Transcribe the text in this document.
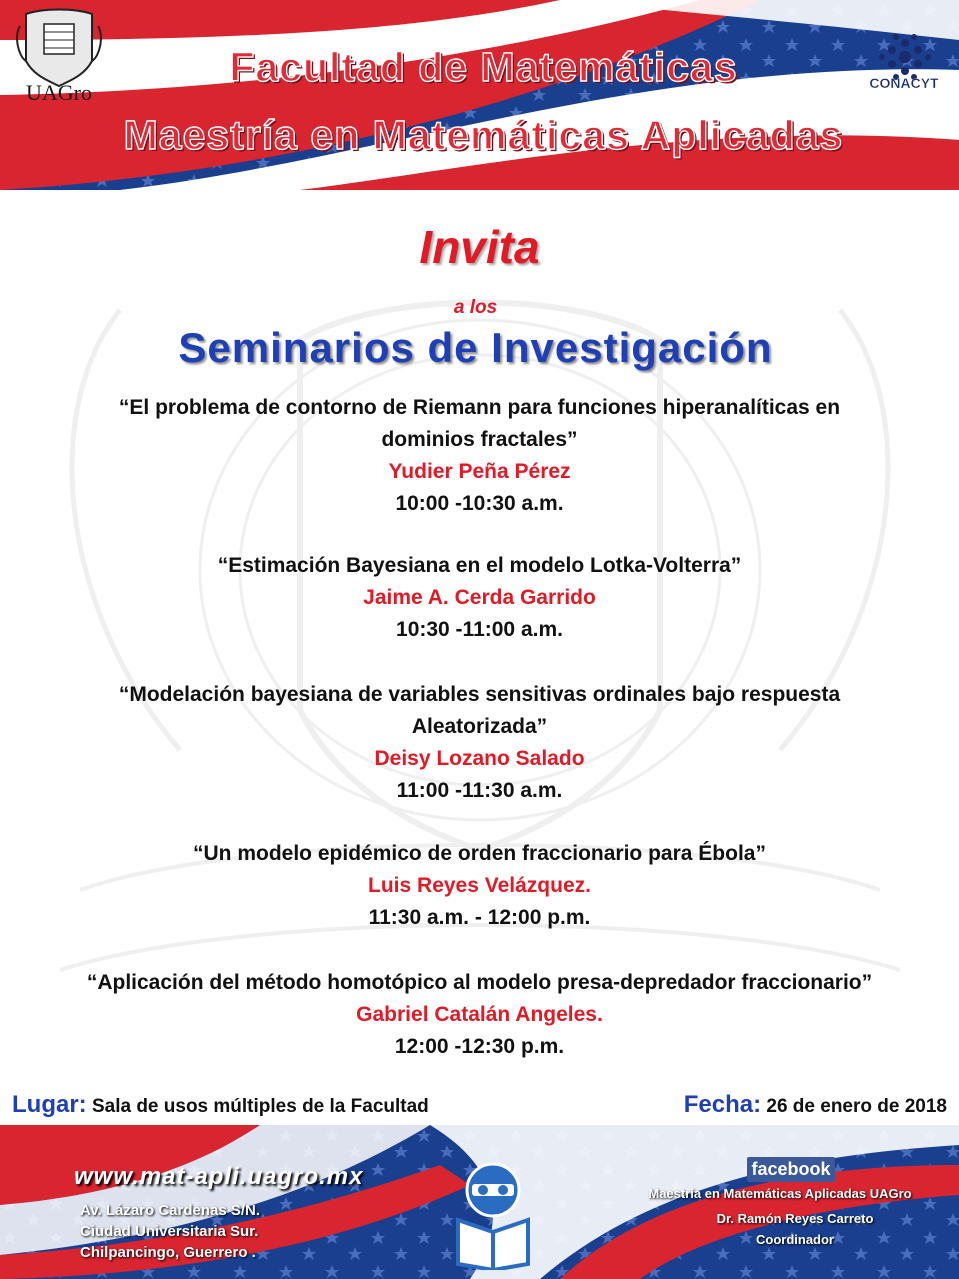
UAGro	CONACYT
PNPC
Facultad de Matemáticas
Maestría en Matemáticas Aplicadas
Invita
a los
Seminarios de Investigación
“El problema de contorno de Riemann para funciones hiperanalíticas en
dominios fractales”
Yudier Peña Pérez
10:00 -10:30 a.m.
“Estimación Bayesiana en el modelo Lotka-Volterra”
Jaime A. Cerda Garrido
10:30 -11:00 a.m.
“Modelación bayesiana de variables sensitivas ordinales bajo respuesta
Aleatorizada”
Deisy Lozano Salado
11:00 -11:30 a.m.
“Un modelo epidémico de orden fraccionario para Ébola”
Luis Reyes Velázquez.
11:30 a.m. - 12:00 p.m.
“Aplicación del método homotópico al modelo presa-depredador fraccionario”
Gabriel Catalán Angeles.
12:00 -12:30 p.m.
Lugar: Sala de usos múltiples de la Facultad	Fecha: 26 de enero de 2018
www.mat-apli.uagro.mx
Av. Lázaro Cardenas S/N.
Ciudad Universitaria Sur.
Chilpancingo, Guerrero .
facebook
Maestría en Matemáticas Aplicadas UAGro
Dr. Ramón Reyes Carreto
Coordinador
